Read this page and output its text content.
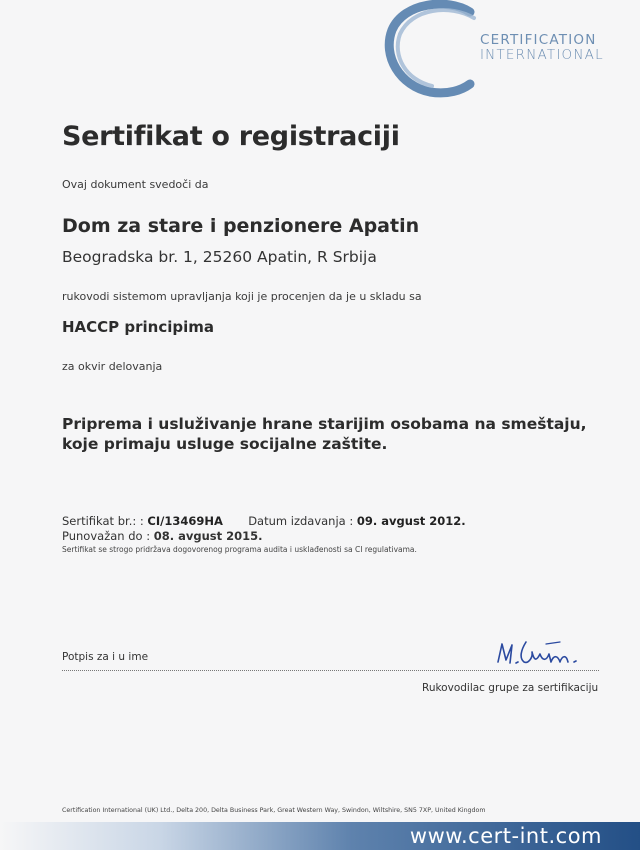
CERTIFICATION
INTERNATIONAL
Sertifikat o registraciji
Ovaj dokument svedoči da
Dom za stare i penzionere Apatin
Beogradska br. 1, 25260 Apatin, R Srbija
rukovodi sistemom upravljanja koji je procenjen da je u skladu sa
HACCP principima
za okvir delovanja

Priprema i usluživanje hrane starijim osobama na smeštaju, koje primaju usluge socijalne zaštite.

Sertifikat br.: : CI/13469HA Datum izdavanja : 09. avgust 2012.
Punovažan do : 08. avgust 2015.
Sertifikat se strogo pridržava dogovorenog programa audita i usklađenosti sa CI regulativama.
Potpis za i u ime
Rukovodilac grupe za sertifikaciju
Certification International (UK) Ltd., Delta 200, Delta Business Park, Great Western Way, Swindon, Wiltshire, SN5 7XP, United Kingdom
www.cert-int.com
